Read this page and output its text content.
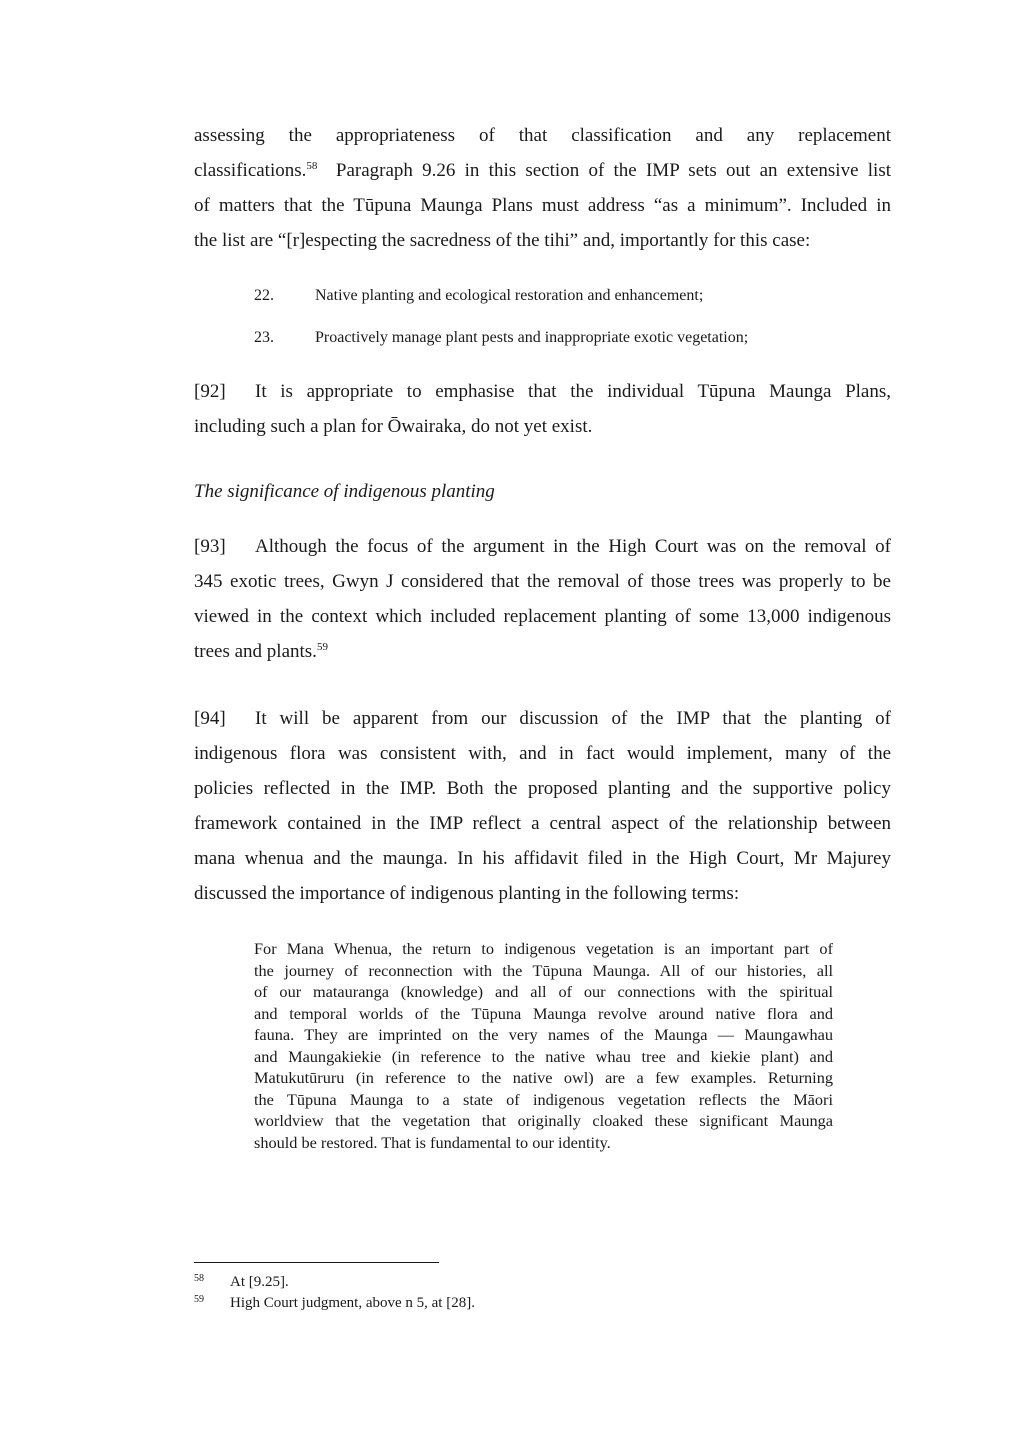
assessing the appropriateness of that classification and any replacement
classifications.$^{58}$  Paragraph 9.26 in this section of the IMP sets out an extensive list
of matters that the Tūpuna Maunga Plans must address “as a minimum”. Included in
the list are “[r]especting the sacredness of the tihi” and, importantly for this case:
22.	Native planting and ecological restoration and enhancement;
23.	Proactively manage plant pests and inappropriate exotic vegetation;
[92] It is appropriate to emphasise that the individual Tūpuna Maunga Plans,
including such a plan for Ōwairaka, do not yet exist.
The significance of indigenous planting
[93] Although the focus of the argument in the High Court was on the removal of
345 exotic trees, Gwyn J considered that the removal of those trees was properly to be
viewed in the context which included replacement planting of some 13,000 indigenous
trees and plants.$^{59}$
[94] It will be apparent from our discussion of the IMP that the planting of
indigenous flora was consistent with, and in fact would implement, many of the
policies reflected in the IMP. Both the proposed planting and the supportive policy
framework contained in the IMP reflect a central aspect of the relationship between
mana whenua and the maunga. In his affidavit filed in the High Court, Mr Majurey
discussed the importance of indigenous planting in the following terms:
For Mana Whenua, the return to indigenous vegetation is an important part of
the journey of reconnection with the Tūpuna Maunga. All of our histories, all
of our matauranga (knowledge) and all of our connections with the spiritual
and temporal worlds of the Tūpuna Maunga revolve around native flora and
fauna. They are imprinted on the very names of the Maunga — Maungawhau
and Maungakiekie (in reference to the native whau tree and kiekie plant) and
Matukutūruru (in reference to the native owl) are a few examples. Returning
the Tūpuna Maunga to a state of indigenous vegetation reflects the Māori
worldview that the vegetation that originally cloaked these significant Maunga
should be restored. That is fundamental to our identity.
58 At [9.25].
59 High Court judgment, above n 5, at [28].
